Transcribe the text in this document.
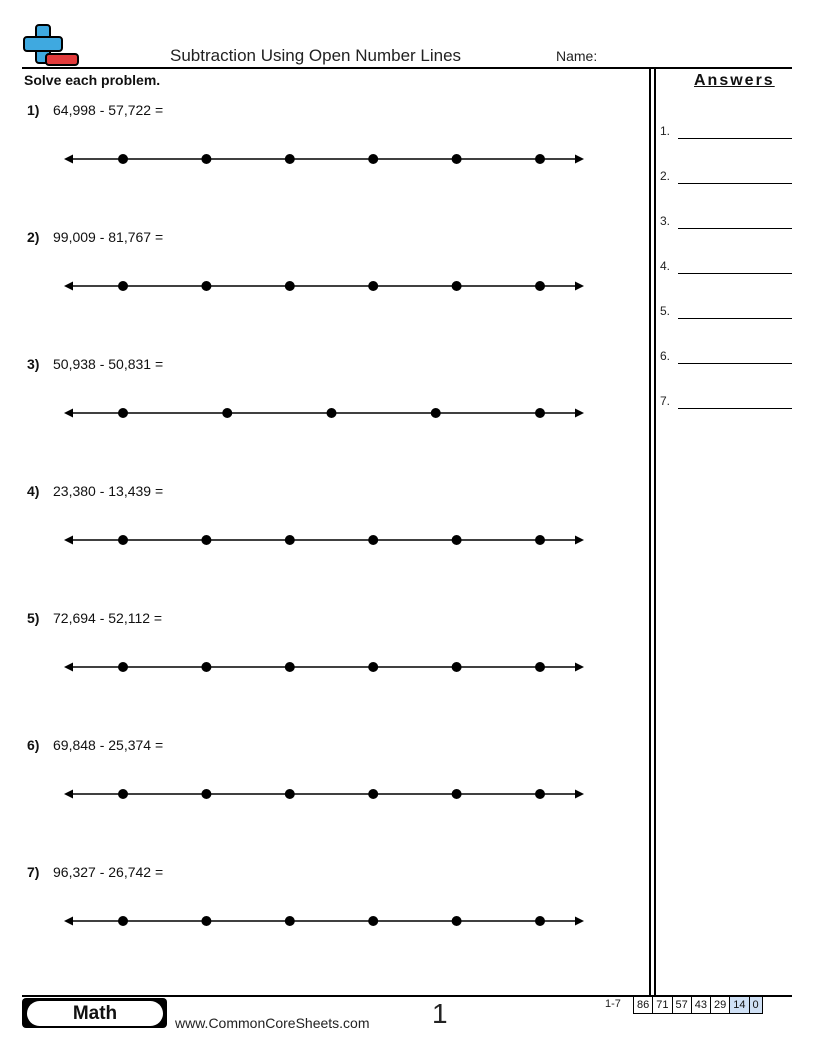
Subtraction Using Open Number Lines	Name:
Solve each problem.
1) 64,998 - 57,722 =
2) 99,009 - 81,767 =
3) 50,938 - 50,831 =
4) 23,380 - 13,439 =
5) 72,694 - 52,112 =
6) 69,848 - 25,374 =
7) 96,327 - 26,742 =
Answers
1.
2.
3.
4.
5.
6.
7.
Math	www.CommonCoreSheets.com 1	1-7 86	71	57	43	29	14	0
